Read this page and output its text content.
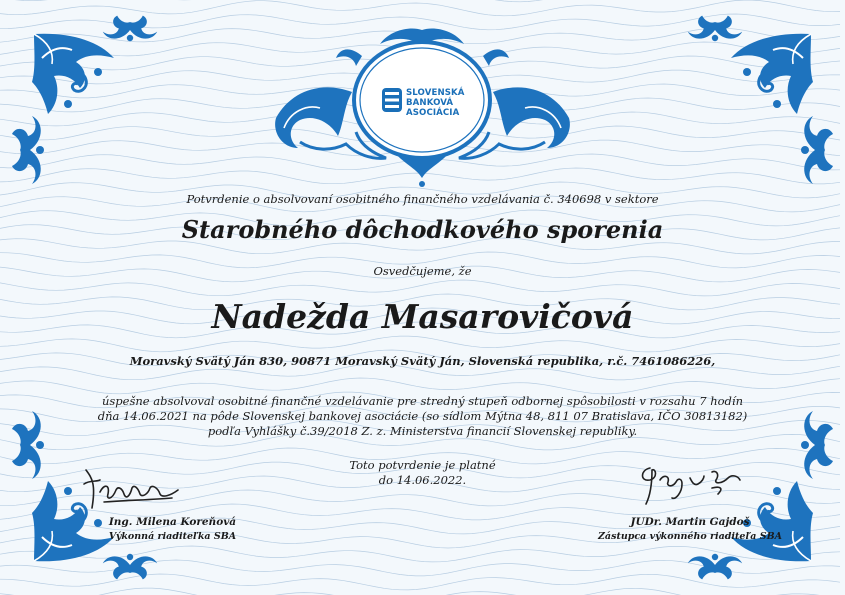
SLOVENSKÁ
BANKOVÁ
ASOCIÁCIA
Potvrdenie o absolvovaní osobitného finančného vzdelávania č. 340698 v sektore
Starobného dôchodkového sporenia
Osvedčujeme, že
Nadežda Masarovičová
Moravský Svätý Ján 830, 90871 Moravský Svätý Ján, Slovenská republika, r.č. 7461086226,
úspešne absolvoval osobitné finančné vzdelávanie pre stredný stupeň odbornej spôsobilosti v rozsahu 7 hodín
dňa 14.06.2021 na pôde Slovenskej bankovej asociácie (so sídlom Mýtna 48, 811 07 Bratislava, IČO 30813182)
podľa Vyhlášky č.39/2018 Z. z. Ministerstva financií Slovenskej republiky.
Toto potvrdenie je platné
do 14.06.2022.
Ing. Milena Koreňová
Výkonná riaditeľka SBA
JUDr. Martin Gajdoš
Zástupca výkonného riaditeľa SBA
